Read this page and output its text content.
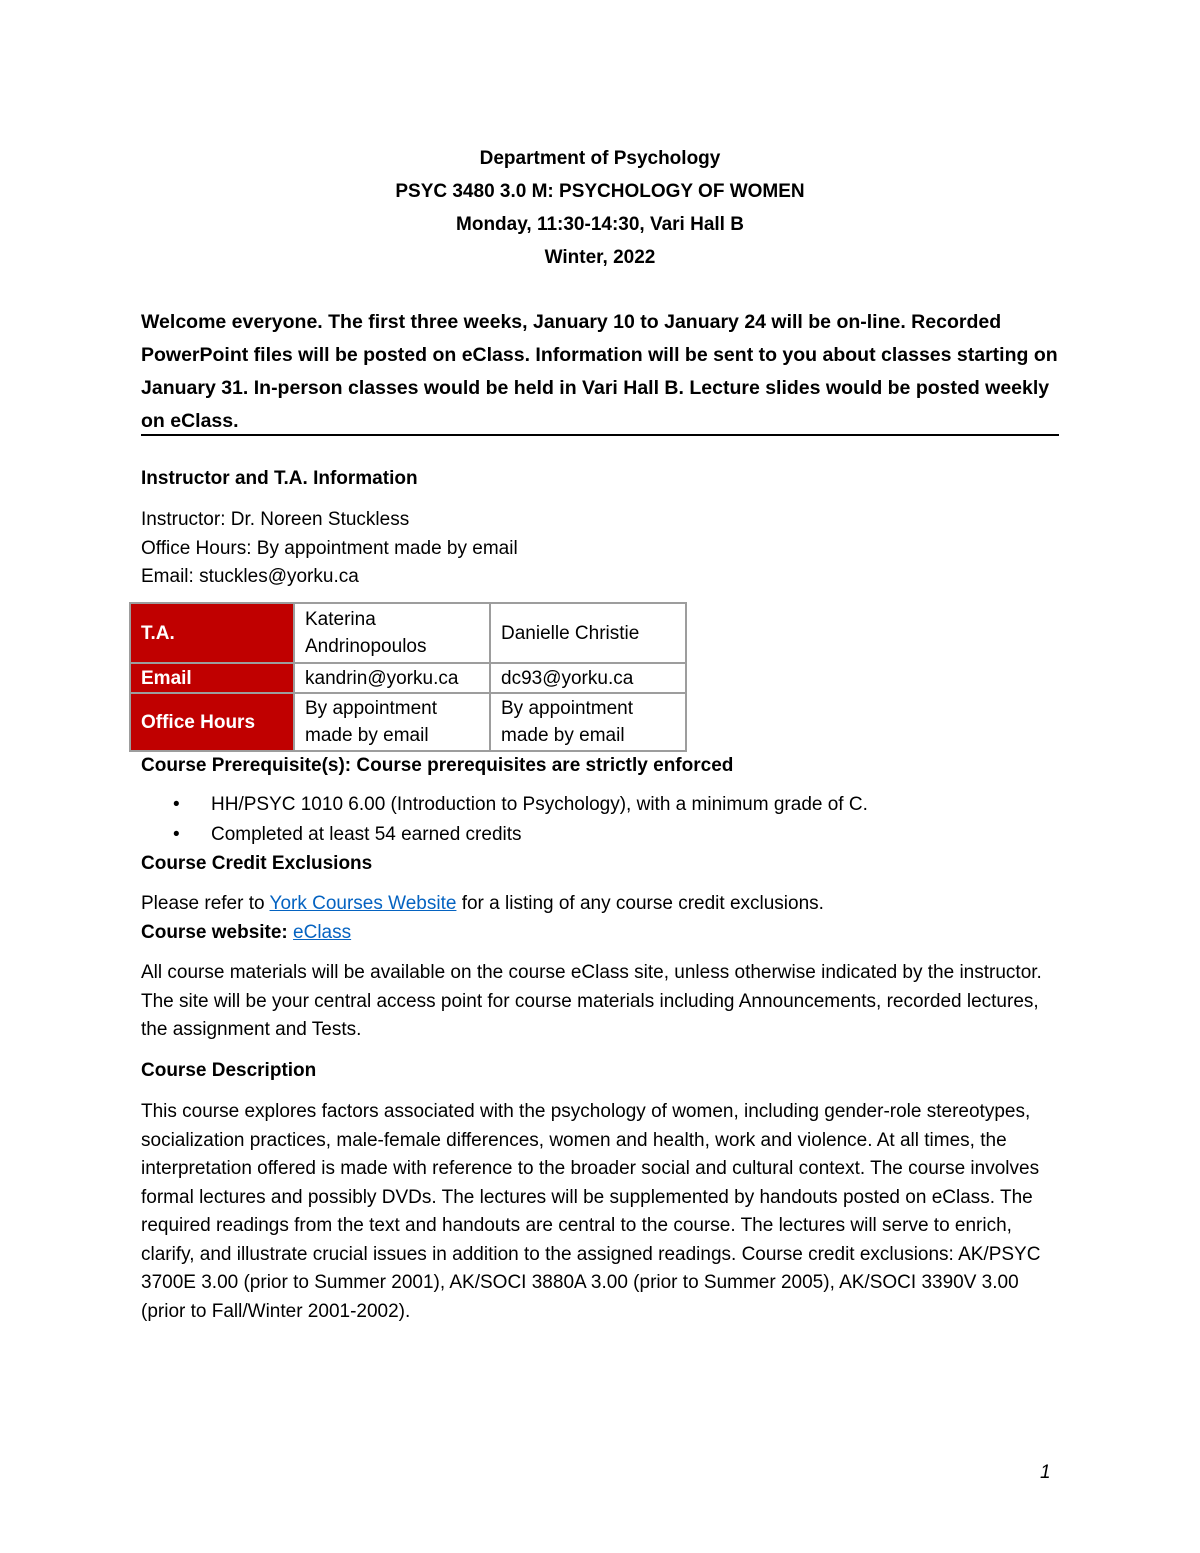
Department of Psychology
PSYC 3480 3.0 M: PSYCHOLOGY OF WOMEN
Monday, 11:30-14:30, Vari Hall B
Winter, 2022
Welcome everyone. The first three weeks, January 10 to January 24 will be on-line. Recorded PowerPoint files will be posted on eClass. Information will be sent to you about classes starting on January 31. In-person classes would be held in Vari Hall B. Lecture slides would be posted weekly on eClass.
Instructor and T.A. Information
Instructor: Dr. Noreen Stuckless
Office Hours: By appointment made by email
Email: stuckles@yorku.ca
T.A.	Katerina Andrinopoulos	Danielle Christie
Email	kandrin@yorku.ca	dc93@yorku.ca
Office Hours	By appointment made by email	By appointment made by email
Course Prerequisite(s): Course prerequisites are strictly enforced
• HH/PSYC 1010 6.00 (Introduction to Psychology), with a minimum grade of C.
• Completed at least 54 earned credits
Course Credit Exclusions
Please refer to York Courses Website for a listing of any course credit exclusions.
Course website: eClass
All course materials will be available on the course eClass site, unless otherwise indicated by the instructor. The site will be your central access point for course materials including Announcements, recorded lectures, the assignment and Tests.
Course Description
This course explores factors associated with the psychology of women, including gender-role stereotypes, socialization practices, male-female differences, women and health, work and violence. At all times, the interpretation offered is made with reference to the broader social and cultural context. The course involves formal lectures and possibly DVDs. The lectures will be supplemented by handouts posted on eClass. The required readings from the text and handouts are central to the course. The lectures will serve to enrich, clarify, and illustrate crucial issues in addition to the assigned readings. Course credit exclusions: AK/PSYC 3700E 3.00 (prior to Summer 2001), AK/SOCI 3880A 3.00 (prior to Summer 2005), AK/SOCI 3390V 3.00 (prior to Fall/Winter 2001-2002).
1
